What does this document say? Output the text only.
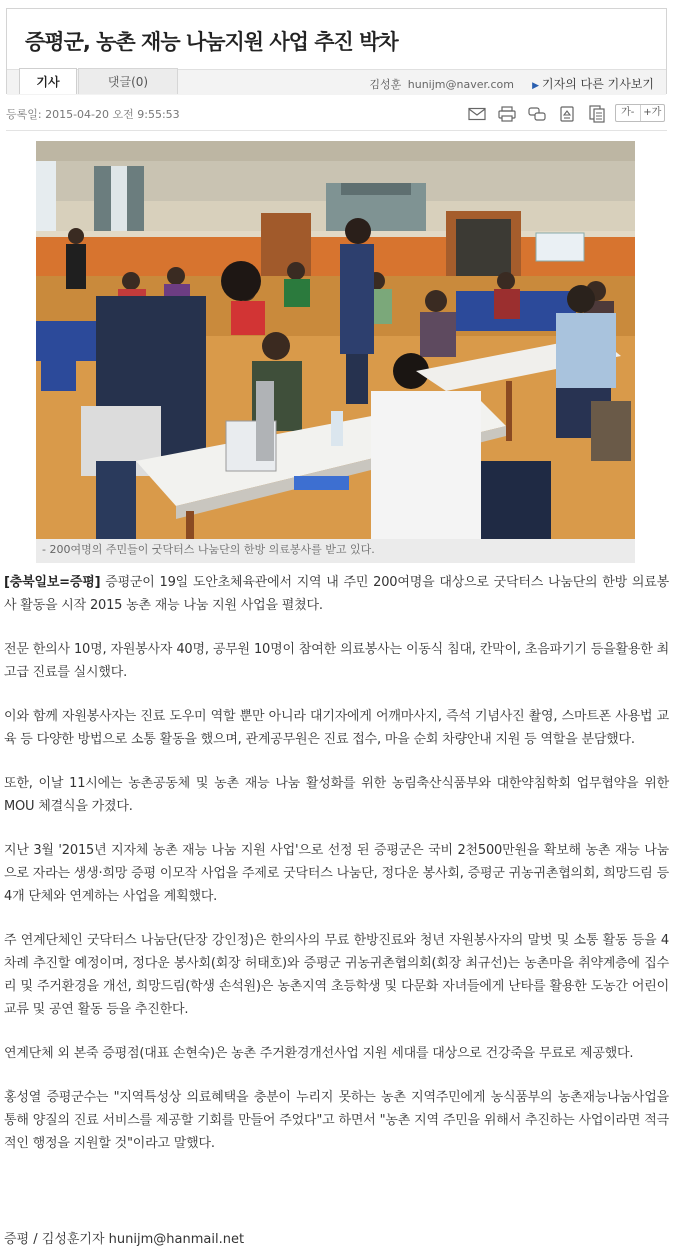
증평군, 농촌 재능 나눔지원 사업 추진 박차
기사	댓글(0)	김성훈 hunijm@naver.com ▶ 기자의 다른 기사보기
등록일: 2015-04-20 오전 9:55:53	가- +가
- 200여명의 주민들이 굿닥터스 나눔단의 한방 의료봉사를 받고 있다.

[충북일보=증평] 증평군이 19일 도안초체육관에서 지역 내 주민 200여명을 대상으로 굿닥터스 나눔단의 한방 의료봉사 활동을 시작 2015 농촌 재능 나눔 지원 사업을 펼쳤다.

전문 한의사 10명, 자원봉사자 40명, 공무원 10명이 참여한 의료봉사는 이동식 침대, 칸막이, 초음파기기 등을활용한 최고급 진료를 실시했다.

이와 함께 자원봉사자는 진료 도우미 역할 뿐만 아니라 대기자에게 어깨마사지, 즉석 기념사진 촬영, 스마트폰 사용법 교육 등 다양한 방법으로 소통 활동을 했으며, 관계공무원은 진료 접수, 마을 순회 차량안내 지원 등 역할을 분담했다.

또한, 이날 11시에는 농촌공동체 및 농촌 재능 나눔 활성화를 위한 농림축산식품부와 대한약침학회 업무협약을 위한 MOU 체결식을 가졌다.

지난 3월 '2015년 지자체 농촌 재능 나눔 지원 사업'으로 선정 된 증평군은 국비 2천500만원을 확보해 농촌 재능 나눔으로 자라는 생생·희망 증평 이모작 사업을 주제로 굿닥터스 나눔단, 정다운 봉사회, 증평군 귀농귀촌협의회, 희망드림 등 4개 단체와 연계하는 사업을 계획했다.

주 연계단체인 굿닥터스 나눔단(단장 강인정)은 한의사의 무료 한방진료와 청년 자원봉사자의 말벗 및 소통 활동 등을 4차례 추진할 예정이며, 정다운 봉사회(회장 허태호)와 증평군 귀농귀촌협의회(회장 최규선)는 농촌마을 취약계층에 집수리 및 주거환경을 개선, 희망드림(학생 손석원)은 농촌지역 초등학생 및 다문화 자녀들에게 난타를 활용한 도농간 어린이 교류 및 공연 활동 등을 추진한다.

연계단체 외 본죽 증평점(대표 손현숙)은 농촌 주거환경개선사업 지원 세대를 대상으로 건강죽을 무료로 제공했다.

홍성열 증평군수는 "지역특성상 의료혜택을 충분이 누리지 못하는 농촌 지역주민에게 농식품부의 농촌재능나눔사업을 통해 양질의 진료 서비스를 제공할 기회를 만들어 주었다"고 하면서 "농촌 지역 주민을 위해서 추진하는 사업이라면 적극적인 행정을 지원할 것"이라고 말했다.

증평 / 김성훈기자 hunijm@hanmail.net
